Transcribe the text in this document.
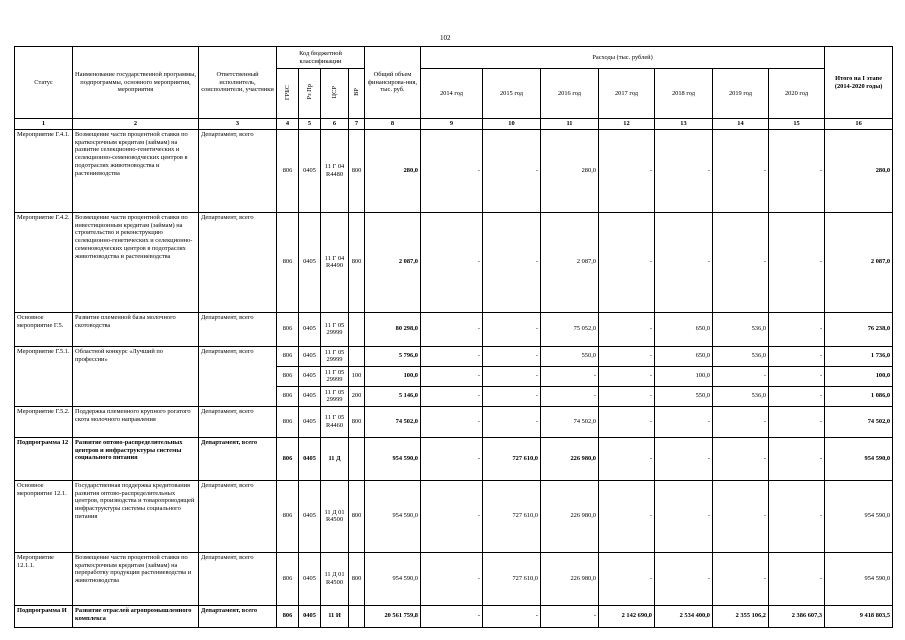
102
Статус	Наименование государственной программы, подпрограммы, основного мероприятия, мероприятия	Ответственный исполнитель, соисполнители, участники	Код бюджетной классификации				Общий объем финансирова-ния, тыс. руб.	Расходы (тыс. рублей)							Итого на I этапе (2014-2020 годы)
			ГРБС	Рз Пр	ЦСР	ВР		2014 год	2015 год	2016 год	2017 год	2018 год	2019 год	2020 год	
1	2	3	4	5	6	7	8	9	10	11	12	13	14	15	16
Мероприятие Г.4.1.	Возмещение части процентной ставки по краткосрочным кредитам (займам) на развитие селекционно-генетических и селекционно-семеноводческих центров в подотраслях животноводства и растениеводства	Департамент, всего	806	0405	11 Г 04 R4480	800	280,0	-	-	280,0	-	-	-	-	280,0
Мероприятие Г.4.2.	Возмещение части процентной ставки по инвестиционным кредитам (займам) на строительство и реконструкцию селекционно-генетических и селекционно-семеноводческих центров в подотраслях животноводства и растениеводства	Департамент, всего	806	0405	11 Г 04 R4490	800	2 087,0	-	-	2 087,0	-	-	-	-	2 087,0
Основное мероприятие Г.5.	Развитие племенной базы молочного скотоводства	Департамент, всего	806	0405	11 Г 05 29999		80 298,0	-	-	75 052,0	-	650,0	536,0	-	76 238,0
Мероприятие Г.5.1.	Областной конкурс «Лучший по профессии»	Департамент, всего	806	0405	11 Г 05 29999		5 796,0	-	-	550,0	-	650,0	536,0	-	1 736,0
			806	0405	11 Г 05 29999	100	100,0	-	-	-	-	100,0	-	-	100,0
			806	0405	11 Г 05 29999	200	5 146,0	-	-	-	-	550,0	536,0	-	1 086,0
Мероприятие Г.5.2.	Поддержка племенного крупного рогатого скота молочного направления	Департамент, всего	806	0405	11 Г 05 R4460	800	74 502,0	-	-	74 502,0	-	-	-	-	74 502,0
Подпрограмма 12	Развитие оптово-распределительных центров и инфраструктуры системы социального питания	Департамент, всего	806	0405	11 Д		954 590,0	-	727 610,0	226 980,0	-	-	-	-	954 590,0
Основное мероприятие 12.1.	Государственная поддержка кредитования развития оптово-распределительных центров, производства и товаропроводящей инфраструктуры системы социального питания	Департамент, всего	806	0405	11 Д 01 R4500	800	954 590,0	-	727 610,0	226 980,0	-	-	-	-	954 590,0
Мероприятие 12.1.1.	Возмещение части процентной ставки по краткосрочным кредитам (займам) на переработку продукции растениеводства и животноводства	Департамент, всего	806	0405	11 Д 01 R4500	800	954 590,0	-	727 610,0	226 980,0	-	-	-	-	954 590,0
Подпрограмма И	Развитие отраслей агропромышленного комплекса	Департамент, всего	806	0405	11 И		20 561 759,8	-	-	-	2 142 690,0	2 534 400,0	2 355 106,2	2 386 607,3	9 418 803,5
